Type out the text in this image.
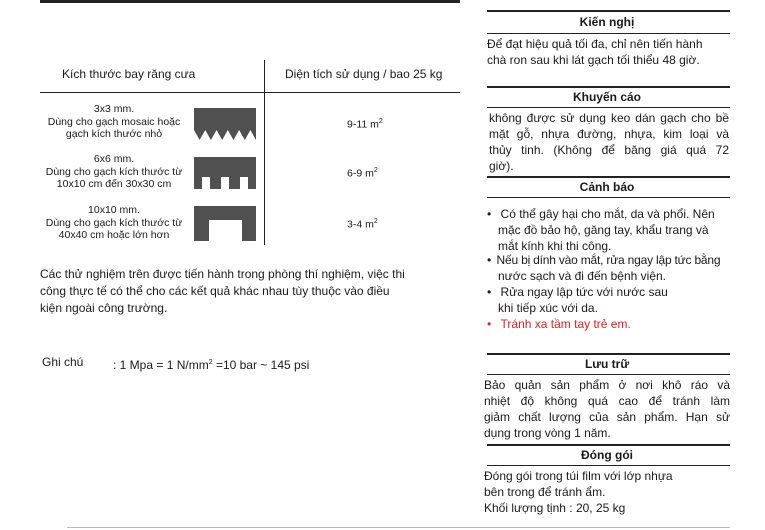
Kích thước bay răng cưa	Diện tích sử dụng / bao 25 kg
3x3 mm.
Dùng cho gạch mosaic hoặc
gạch kích thước nhỏ
9-11 $m^2$
6x6 mm.
Dùng cho gạch kích thước từ
10x10 cm đến 30x30 cm
6-9 $m^2$
10x10 mm.
Dùng cho gạch kích thước từ
40x40 cm hoặc lớn hơn
3-4 $m^2$
Các thử nghiệm trên được tiến hành trong phòng thí nghiệm, việc thi
công thực tế có thể cho các kết quả khác nhau tùy thuộc vào điều
kiện ngoài công trường.
Ghi chú : 1 Mpa = 1 $N/mm^2 =10$ bar ~ 145 psi
Kiến nghị
Để đạt hiệu quả tối đa, chỉ nên tiến hành
chà ron sau khi lát gạch tối thiểu 48 giờ.
Khuyến cáo
không được sử dụng keo dán gạch cho bề
mặt gỗ, nhựa đường, nhựa, kim loại và
thủy tinh. (Không để băng giá quá 72
giờ).
Cảnh báo
• Có thể gây hại cho mắt, da và phổi. Nên
mặc đồ bảo hộ, găng tay, khẩu trang và
mắt kính khi thi công.
• Nếu bị dính vào mắt, rửa ngay lập tức bằng
nước sạch và đi đến bệnh viện.
• Rửa ngay lập tức với nước sau
khi tiếp xúc với da.
• Tránh xa tầm tay trẻ em.
Lưu trữ
Bảo quản sản phẩm ở nơi khô ráo và
nhiệt độ không quá cao để tránh làm
giảm chất lượng của sản phẩm. Hạn sử
dụng trong vòng 1 năm.
Đóng gói
Đóng gói trong túi film với lớp nhựa
bên trong để tránh ẩm.
Khối lượng tịnh : 20, 25 kg
